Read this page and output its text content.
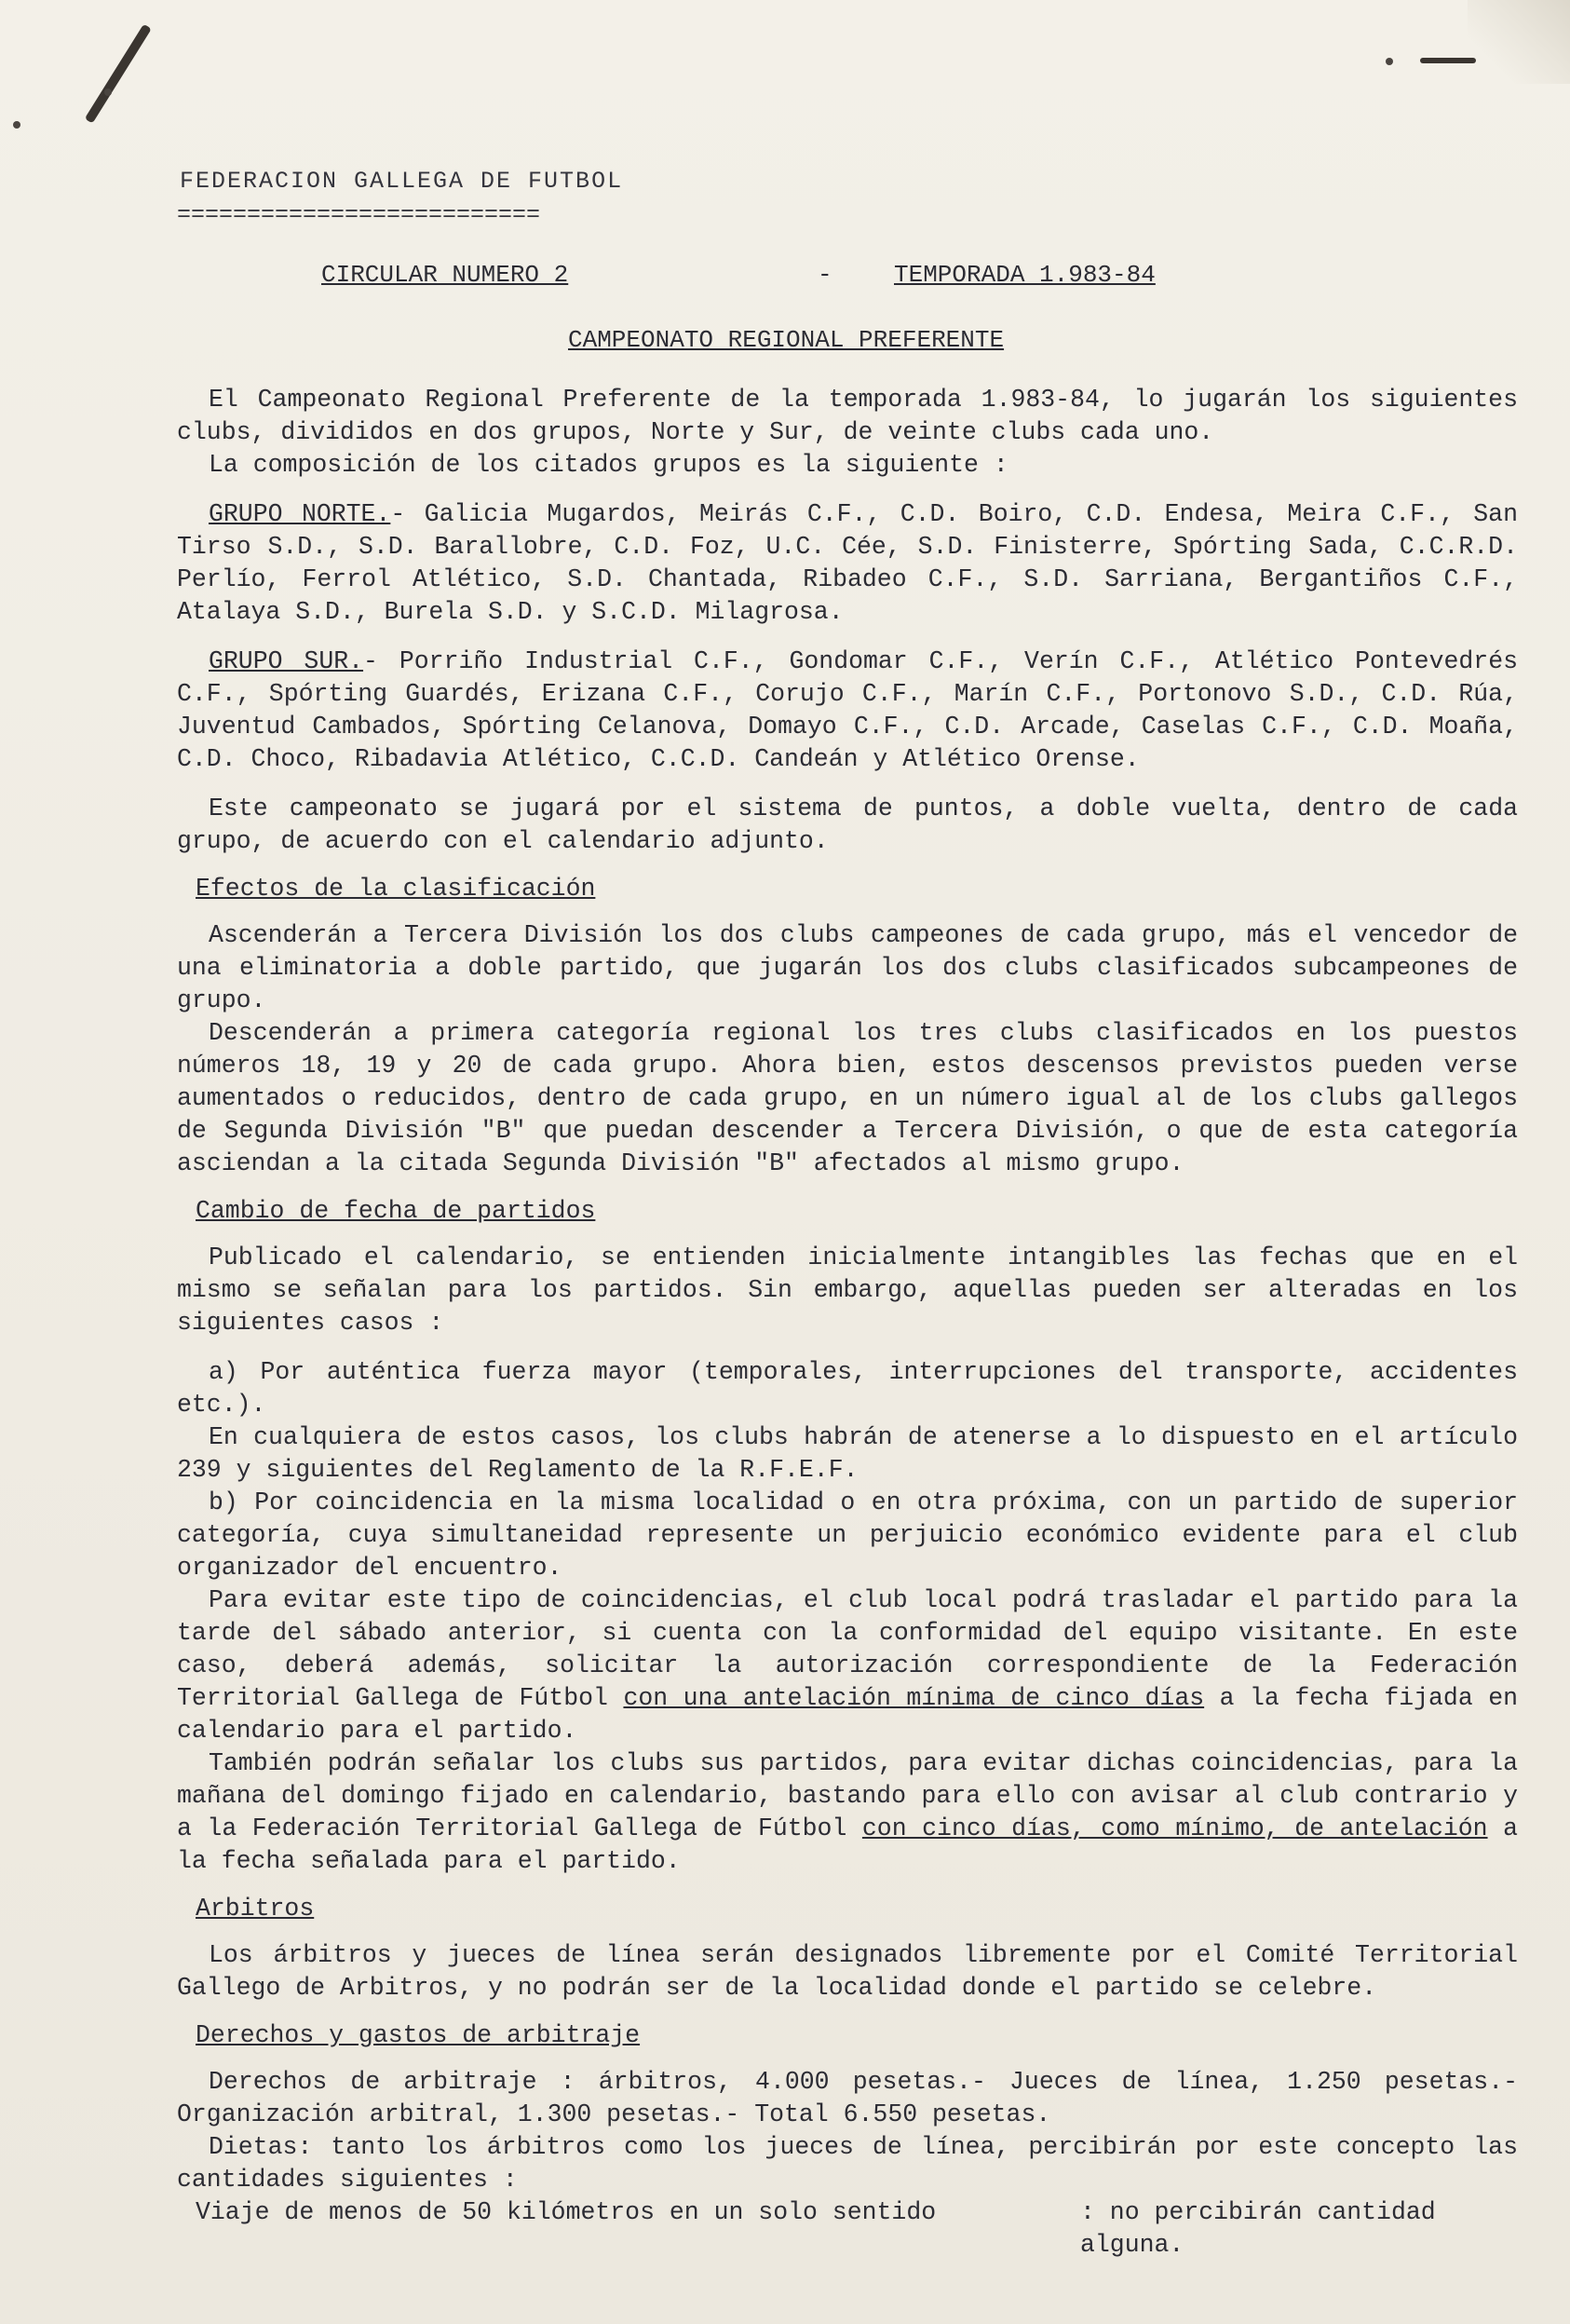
FEDERACION GALLEGA DE FUTBOL
==========================
CIRCULAR NUMERO 2	-	TEMPORADA 1.983-84
CAMPEONATO REGIONAL PREFERENTE

El Campeonato Regional Preferente de la temporada 1.983-84, lo jugarán los siguientes clubs, divididos en dos grupos, Norte y Sur, de veinte clubs cada uno.

La composición de los citados grupos es la siguiente :

GRUPO NORTE.- Galicia Mugardos, Meirás C.F., C.D. Boiro, C.D. Endesa, Meira C.F., San Tirso S.D., S.D. Barallobre, C.D. Foz, U.C. Cée, S.D. Finisterre, Spórting Sada, C.C.R.D. Perlío, Ferrol Atlético, S.D. Chantada, Ribadeo C.F., S.D. Sarriana, Bergantiños C.F., Atalaya S.D., Burela S.D. y S.C.D. Milagrosa.

GRUPO SUR.- Porriño Industrial C.F., Gondomar C.F., Verín C.F., Atlético Pontevedrés C.F., Spórting Guardés, Erizana C.F., Corujo C.F., Marín C.F., Portonovo S.D., C.D. Rúa, Juventud Cambados, Spórting Celanova, Domayo C.F., C.D. Arcade, Caselas C.F., C.D. Moaña, C.D. Choco, Ribadavia Atlético, C.C.D. Candeán y Atlético Orense.

Este campeonato se jugará por el sistema de puntos, a doble vuelta, dentro de cada grupo, de acuerdo con el calendario adjunto.

Efectos de la clasificación

Ascenderán a Tercera División los dos clubs campeones de cada grupo, más el vencedor de una eliminatoria a doble partido, que jugarán los dos clubs clasificados subcampeones de grupo.

Descenderán a primera categoría regional los tres clubs clasificados en los puestos números 18, 19 y 20 de cada grupo. Ahora bien, estos descensos previstos pueden verse aumentados o reducidos, dentro de cada grupo, en un número igual al de los clubs gallegos de Segunda División "B" que puedan descender a Tercera División, o que de esta categoría asciendan a la citada Segunda División "B" afectados al mismo grupo.

Cambio de fecha de partidos

Publicado el calendario, se entienden inicialmente intangibles las fechas que en el mismo se señalan para los partidos. Sin embargo, aquellas pueden ser alteradas en los siguientes casos :

a) Por auténtica fuerza mayor (temporales, interrupciones del transporte, accidentes etc.).

En cualquiera de estos casos, los clubs habrán de atenerse a lo dispuesto en el artículo 239 y siguientes del Reglamento de la R.F.E.F.

b) Por coincidencia en la misma localidad o en otra próxima, con un partido de superior categoría, cuya simultaneidad represente un perjuicio económico evidente para el club organizador del encuentro.

Para evitar este tipo de coincidencias, el club local podrá trasladar el partido para la tarde del sábado anterior, si cuenta con la conformidad del equipo visitante. En este caso, deberá además, solicitar la autorización correspondiente de la Federación Territorial Gallega de Fútbol con una antelación mínima de cinco días a la fecha fijada en calendario para el partido.

También podrán señalar los clubs sus partidos, para evitar dichas coincidencias, para la mañana del domingo fijado en calendario, bastando para ello con avisar al club contrario y a la Federación Territorial Gallega de Fútbol con cinco días, como mínimo, de antelación a la fecha señalada para el partido.

Arbitros

Los árbitros y jueces de línea serán designados libremente por el Comité Territorial Gallego de Arbitros, y no podrán ser de la localidad donde el partido se celebre.

Derechos y gastos de arbitraje

Derechos de arbitraje : árbitros, 4.000 pesetas.- Jueces de línea, 1.250 pesetas.- Organización arbitral, 1.300 pesetas.- Total 6.550 pesetas.

Dietas: tanto los árbitros como los jueces de línea, percibirán por este concepto las cantidades siguientes :

Viaje de menos de 50 kilómetros en un solo sentido	: no percibirán cantidad alguna.
